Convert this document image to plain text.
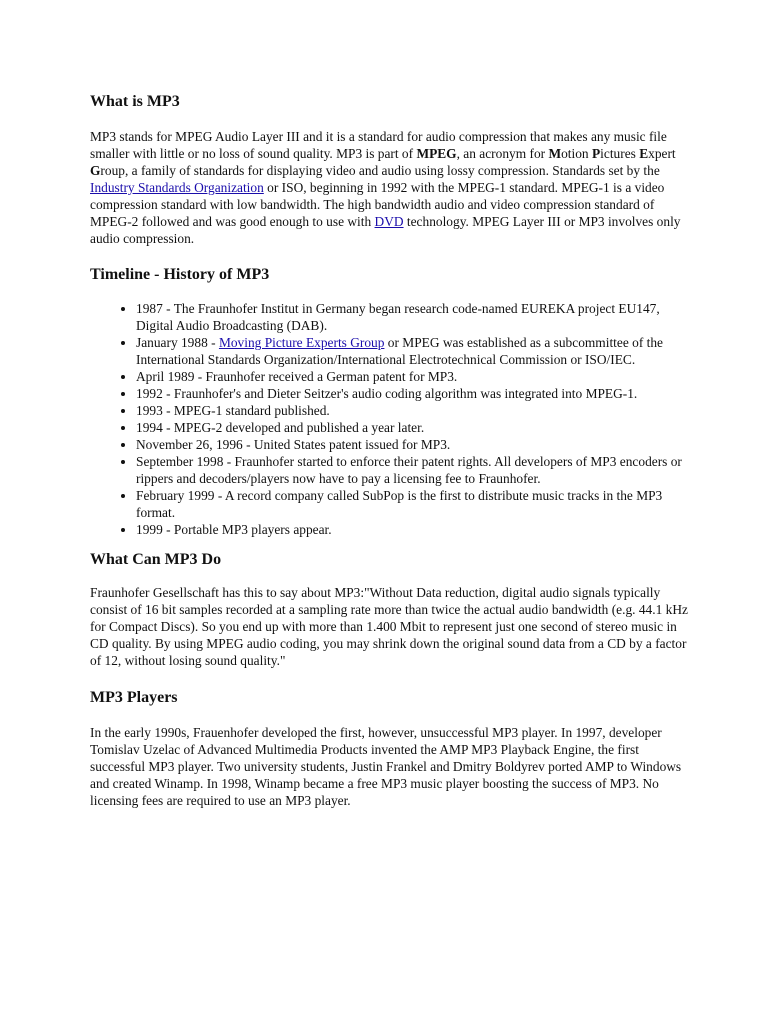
What is MP3

MP3 stands for MPEG Audio Layer III and it is a standard for audio compression that makes any music file smaller with little or no loss of sound quality. MP3 is part of MPEG, an acronym for Motion Pictures Expert Group, a family of standards for displaying video and audio using lossy compression. Standards set by the Industry Standards Organization or ISO, beginning in 1992 with the MPEG-1 standard. MPEG-1 is a video compression standard with low bandwidth. The high bandwidth audio and video compression standard of MPEG-2 followed and was good enough to use with DVD technology. MPEG Layer III or MP3 involves only audio compression.

Timeline - History of MP3
• 1987 - The Fraunhofer Institut in Germany began research code-named EUREKA project EU147, Digital Audio Broadcasting (DAB).
• January 1988 - Moving Picture Experts Group or MPEG was established as a subcommittee of the International Standards Organization/International Electrotechnical Commission or ISO/IEC.
• April 1989 - Fraunhofer received a German patent for MP3.
• 1992 - Fraunhofer's and Dieter Seitzer's audio coding algorithm was integrated into MPEG-1.
• 1993 - MPEG-1 standard published.
• 1994 - MPEG-2 developed and published a year later.
• November 26, 1996 - United States patent issued for MP3.
• September 1998 - Fraunhofer started to enforce their patent rights. All developers of MP3 encoders or rippers and decoders/players now have to pay a licensing fee to Fraunhofer.
• February 1999 - A record company called SubPop is the first to distribute music tracks in the MP3 format.
• 1999 - Portable MP3 players appear.
What Can MP3 Do

Fraunhofer Gesellschaft has this to say about MP3:"Without Data reduction, digital audio signals typically consist of 16 bit samples recorded at a sampling rate more than twice the actual audio bandwidth (e.g. 44.1 kHz for Compact Discs). So you end up with more than 1.400 Mbit to represent just one second of stereo music in CD quality. By using MPEG audio coding, you may shrink down the original sound data from a CD by a factor of 12, without losing sound quality."

MP3 Players

In the early 1990s, Frauenhofer developed the first, however, unsuccessful MP3 player. In 1997, developer Tomislav Uzelac of Advanced Multimedia Products invented the AMP MP3 Playback Engine, the first successful MP3 player. Two university students, Justin Frankel and Dmitry Boldyrev ported AMP to Windows and created Winamp. In 1998, Winamp became a free MP3 music player boosting the success of MP3. No licensing fees are required to use an MP3 player.
